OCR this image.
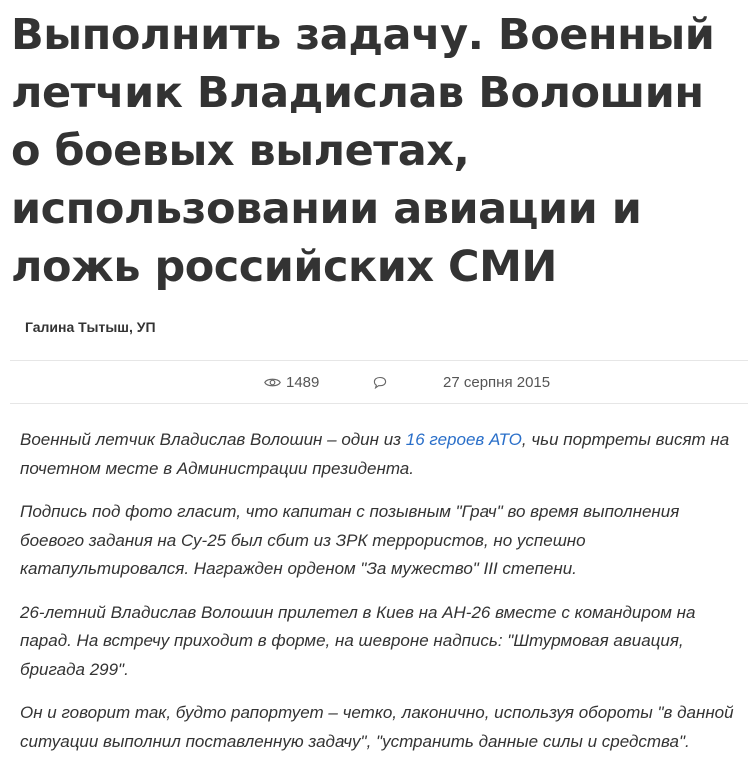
Выполнить задачу. Военный летчик Владислав Волошин о боевых вылетах, использовании авиации и ложь российских СМИ
Галина Тытыш, УП
1489	27 серпня 2015

Военный летчик Владислав Волошин – один из 16 героев АТО, чьи портреты висят на почетном месте в Администрации президента.

Подпись под фото гласит, что капитан с позывным "Грач" во время выполнения боевого задания на Су-25 был сбит из ЗРК террористов, но успешно катапультировался. Награжден орденом "За мужество" III степени.

26-летний Владислав Волошин прилетел в Киев на АН-26 вместе с командиром на парад. На встречу приходит в форме, на шевроне надпись: "Штурмовая авиация, бригада 299".

Он и говорит так, будто рапортует – четко, лаконично, используя обороты "в данной ситуации выполнил поставленную задачу", "устранить данные силы и средства".
